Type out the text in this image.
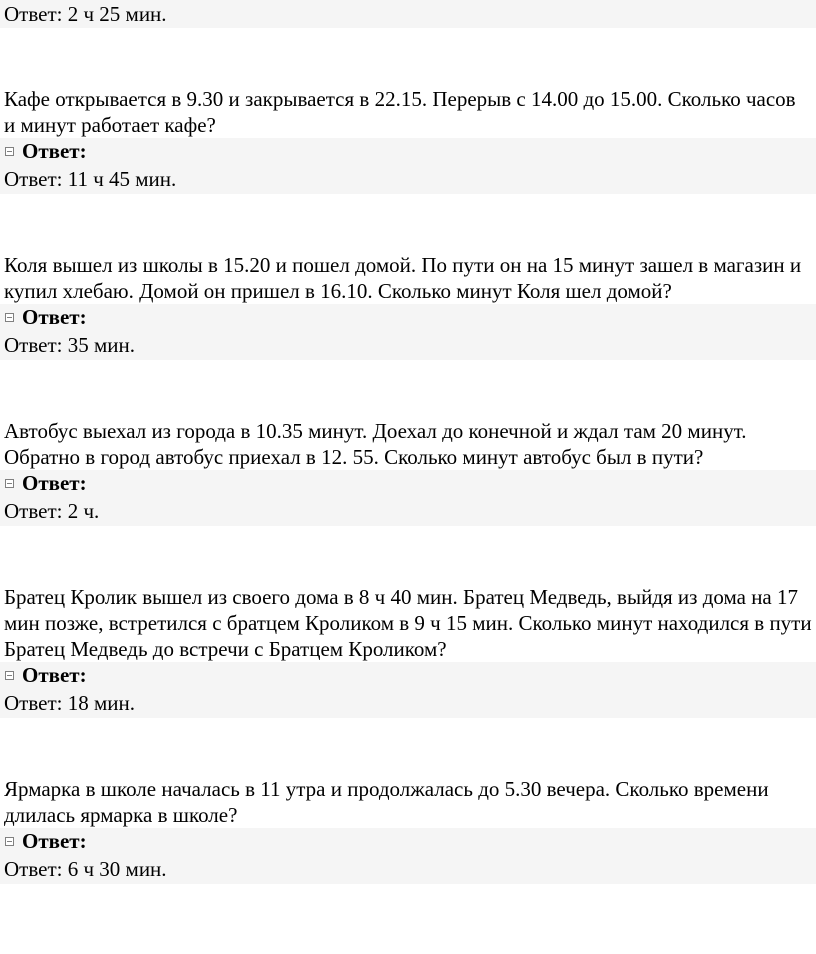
Ответ: 2 ч 25 мин.
Кафе открывается в 9.30 и закрывается в 22.15. Перерыв с 14.00 до 15.00. Сколько часов и минут работает кафе?
Ответ:
Ответ: 11 ч 45 мин.
Коля вышел из школы в 15.20 и пошел домой. По пути он на 15 минут зашел в магазин и купил хлебаю. Домой он пришел в 16.10. Сколько минут Коля шел домой?
Ответ:
Ответ: 35 мин.
Автобус выехал из города в 10.35 минут. Доехал до конечной и ждал там 20 минут. Обратно в город автобус приехал в 12. 55. Сколько минут автобус был в пути?
Ответ:
Ответ: 2 ч.
Братец Кролик вышел из своего дома в 8 ч 40 мин. Братец Медведь, выйдя из дома на 17 мин позже, встретился с братцем Кроликом в 9 ч 15 мин. Сколько минут находился в пути Братец Медведь до встречи с Братцем Кроликом?
Ответ:
Ответ: 18 мин.
Ярмарка в школе началась в 11 утра и продолжалась до 5.30 вечера. Сколько времени длилась ярмарка в школе?
Ответ:
Ответ: 6 ч 30 мин.
